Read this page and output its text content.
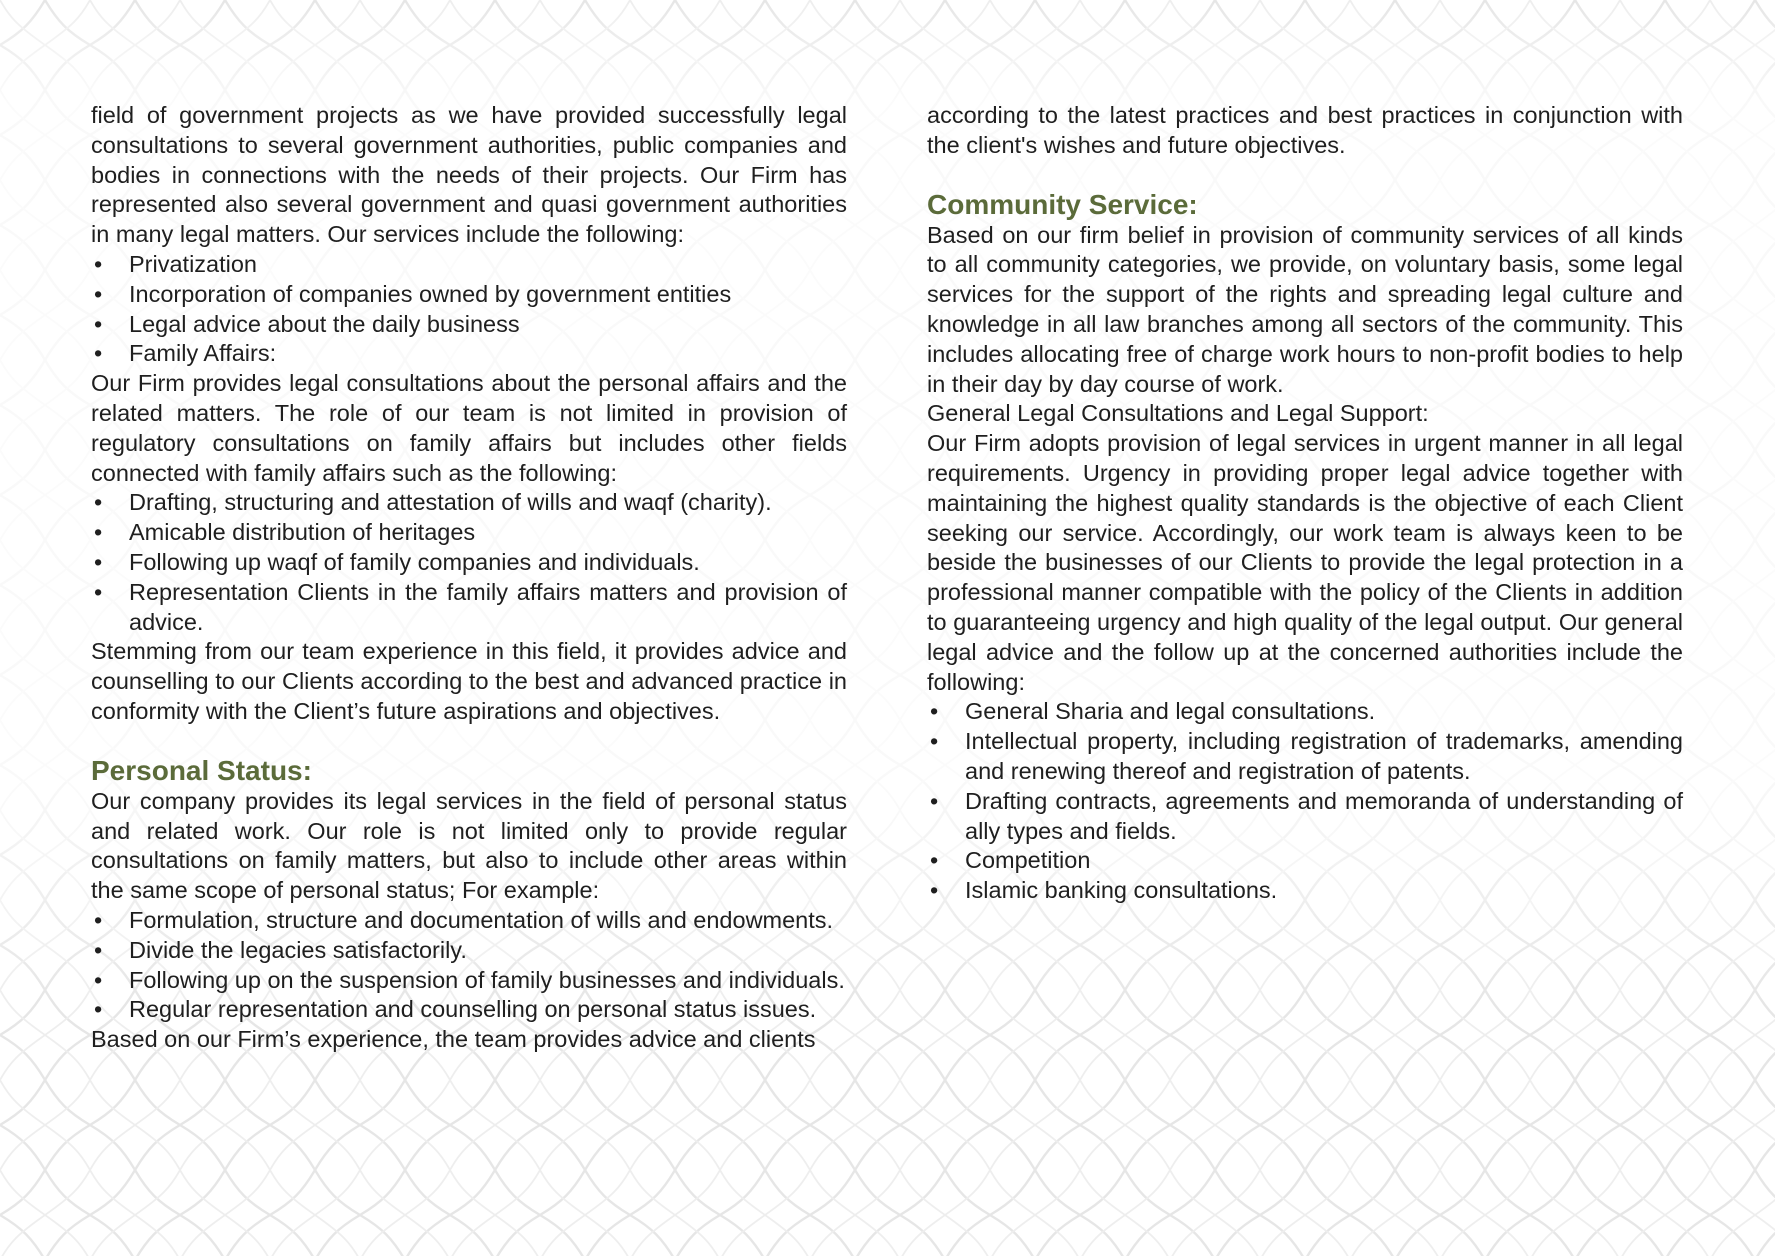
field of government projects as we have provided successfully legal consultations to several government authorities, public companies and bodies in connections with the needs of their projects. Our Firm has represented also several government and quasi government authorities in many legal matters. Our services include the following:

• Privatization
• Incorporation of companies owned by government entities
• Legal advice about the daily business
• Family Affairs:

Our Firm provides legal consultations about the personal affairs and the related matters. The role of our team is not limited in provision of regulatory consultations on family affairs but includes other fields connected with family affairs such as the following:

• Drafting, structuring and attestation of wills and waqf (charity).
• Amicable distribution of heritages
• Following up waqf of family companies and individuals.
• Representation Clients in the family affairs matters and provision of advice.

Stemming from our team experience in this field, it provides advice and counselling to our Clients according to the best and advanced practice in conformity with the Client’s future aspirations and objectives.

Personal Status:

Our company provides its legal services in the field of personal status and related work. Our role is not limited only to provide regular consultations on family matters, but also to include other areas within the same scope of personal status; For example:

• Formulation, structure and documentation of wills and endowments.
• Divide the legacies satisfactorily.
• Following up on the suspension of family businesses and individuals.
• Regular representation and counselling on personal status issues.

Based on our Firm’s experience, the team provides advice and clients

according to the latest practices and best practices in conjunction with the client's wishes and future objectives.

Community Service:

Based on our firm belief in provision of community services of all kinds to all community categories, we provide, on voluntary basis, some legal services for the support of the rights and spreading legal culture and knowledge in all law branches among all sectors of the community. This includes allocating free of charge work hours to non-profit bodies to help in their day by day course of work.

General Legal Consultations and Legal Support:

Our Firm adopts provision of legal services in urgent manner in all legal requirements. Urgency in providing proper legal advice together with maintaining the highest quality standards is the objective of each Client seeking our service. Accordingly, our work team is always keen to be beside the businesses of our Clients to provide the legal protection in a professional manner compatible with the policy of the Clients in addition to guaranteeing urgency and high quality of the legal output. Our general legal advice and the follow up at the concerned authorities include the following:

• General Sharia and legal consultations.
• Intellectual property, including registration of trademarks, amending and renewing thereof and registration of patents.
• Drafting contracts, agreements and memoranda of understanding of ally types and fields.
• Competition
• Islamic banking consultations.
